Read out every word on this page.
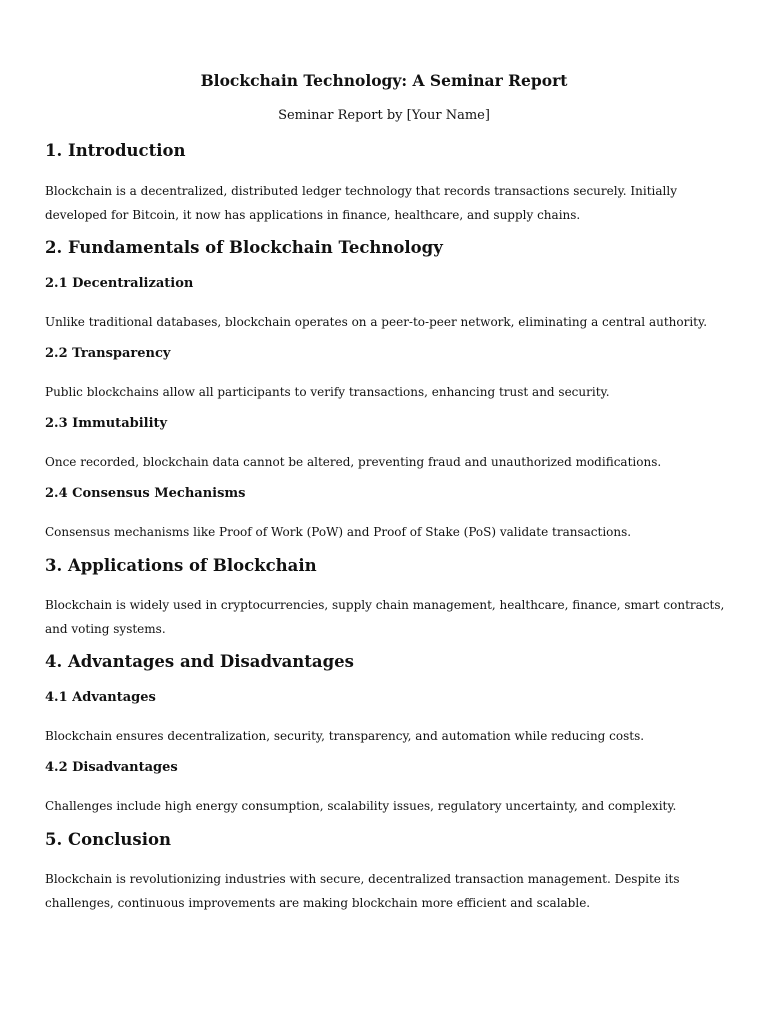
Blockchain Technology: A Seminar Report
Seminar Report by [Your Name]
1. Introduction

Blockchain is a decentralized, distributed ledger technology that records transactions securely. Initially developed for Bitcoin, it now has applications in finance, healthcare, and supply chains.

2. Fundamentals of Blockchain Technology
2.1 Decentralization

Unlike traditional databases, blockchain operates on a peer-to-peer network, eliminating a central authority.

2.2 Transparency

Public blockchains allow all participants to verify transactions, enhancing trust and security.

2.3 Immutability

Once recorded, blockchain data cannot be altered, preventing fraud and unauthorized modifications.

2.4 Consensus Mechanisms

Consensus mechanisms like Proof of Work (PoW) and Proof of Stake (PoS) validate transactions.

3. Applications of Blockchain

Blockchain is widely used in cryptocurrencies, supply chain management, healthcare, finance, smart contracts, and voting systems.

4. Advantages and Disadvantages
4.1 Advantages

Blockchain ensures decentralization, security, transparency, and automation while reducing costs.

4.2 Disadvantages

Challenges include high energy consumption, scalability issues, regulatory uncertainty, and complexity.

5. Conclusion

Blockchain is revolutionizing industries with secure, decentralized transaction management. Despite its challenges, continuous improvements are making blockchain more efficient and scalable.
